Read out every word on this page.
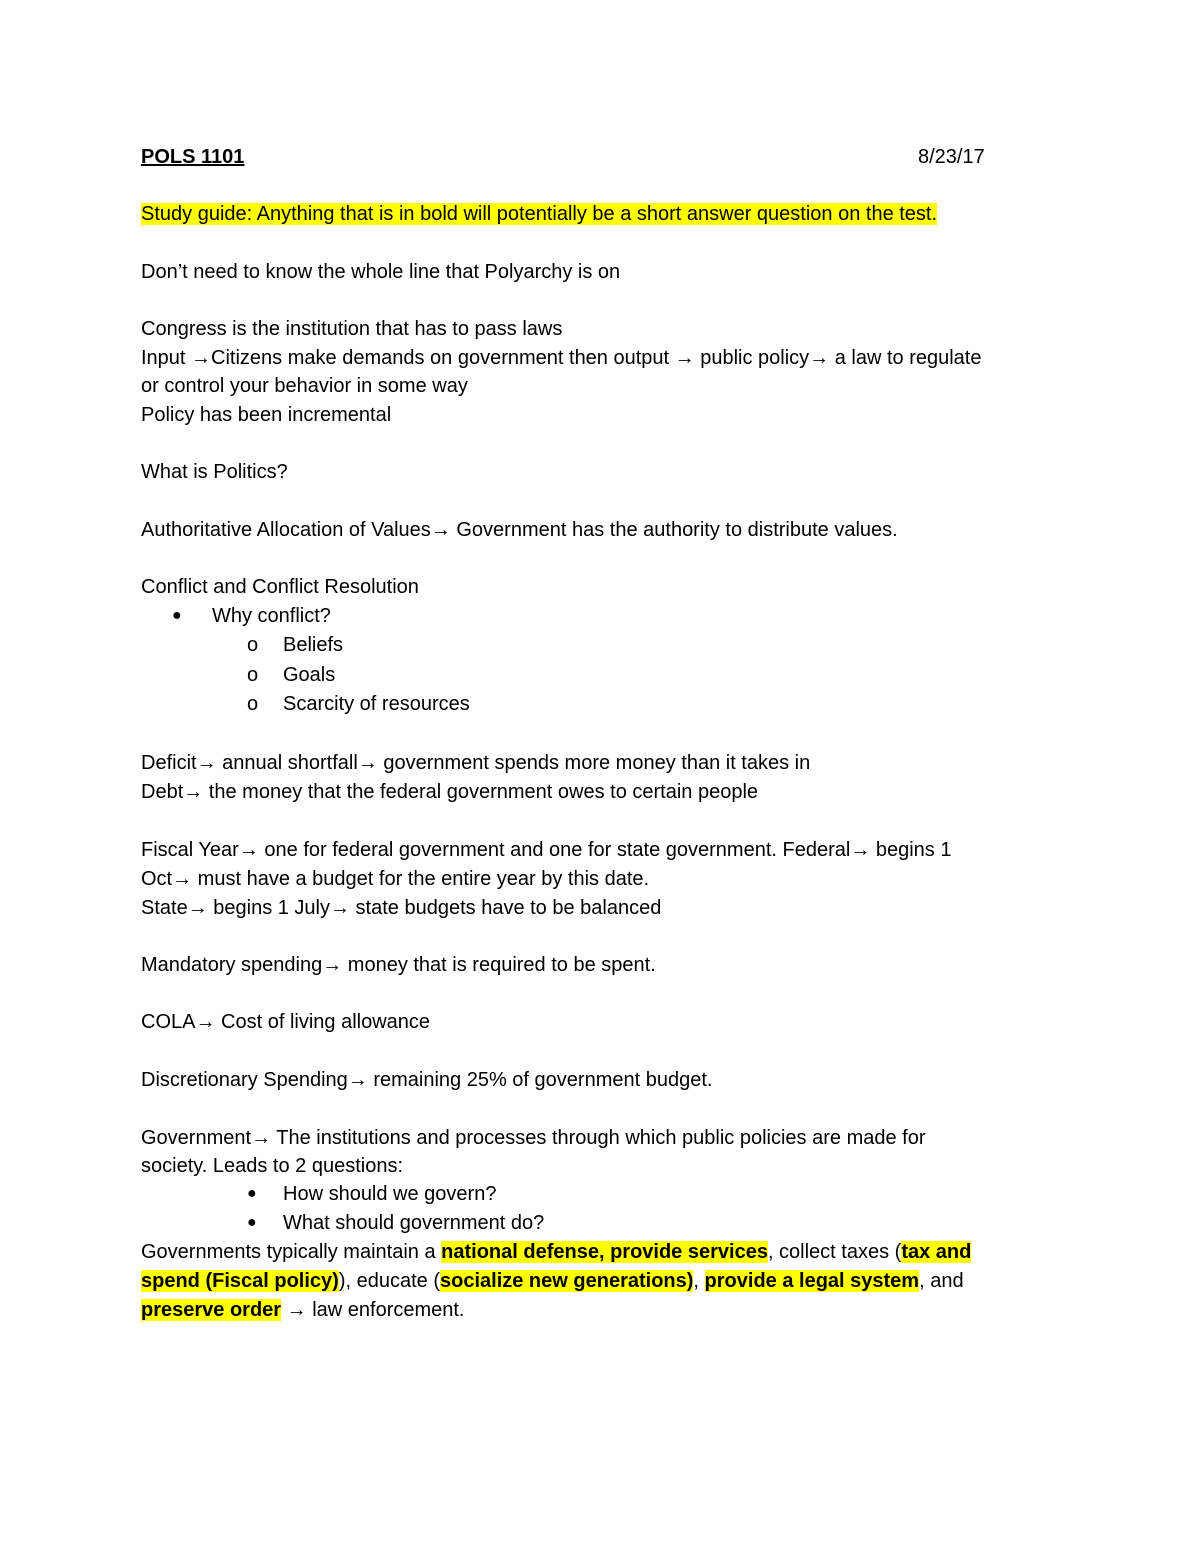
POLS 1101	8/23/17
Study guide: Anything that is in bold will potentially be a short answer question on the test.
Don’t need to know the whole line that Polyarchy is on
Congress is the institution that has to pass laws
Input →Citizens make demands on government then output → public policy→ a law to regulate
or control your behavior in some way
Policy has been incremental
What is Politics?
Authoritative Allocation of Values→ Government has the authority to distribute values.
Conflict and Conflict Resolution
● Why conflict?
o Beliefs
o Goals
o Scarcity of resources
Deficit→ annual shortfall→ government spends more money than it takes in
Debt→ the money that the federal government owes to certain people
Fiscal Year→ one for federal government and one for state government. Federal→ begins 1
Oct→ must have a budget for the entire year by this date.
State→ begins 1 July→ state budgets have to be balanced
Mandatory spending→ money that is required to be spent.
COLA→ Cost of living allowance
Discretionary Spending→ remaining 25% of government budget.
Government→ The institutions and processes through which public policies are made for
society. Leads to 2 questions:
● How should we govern?
● What should government do?
Governments typically maintain a national defense, provide services, collect taxes (tax and
spend (Fiscal policy)), educate (socialize new generations), provide a legal system, and
preserve order → law enforcement.
